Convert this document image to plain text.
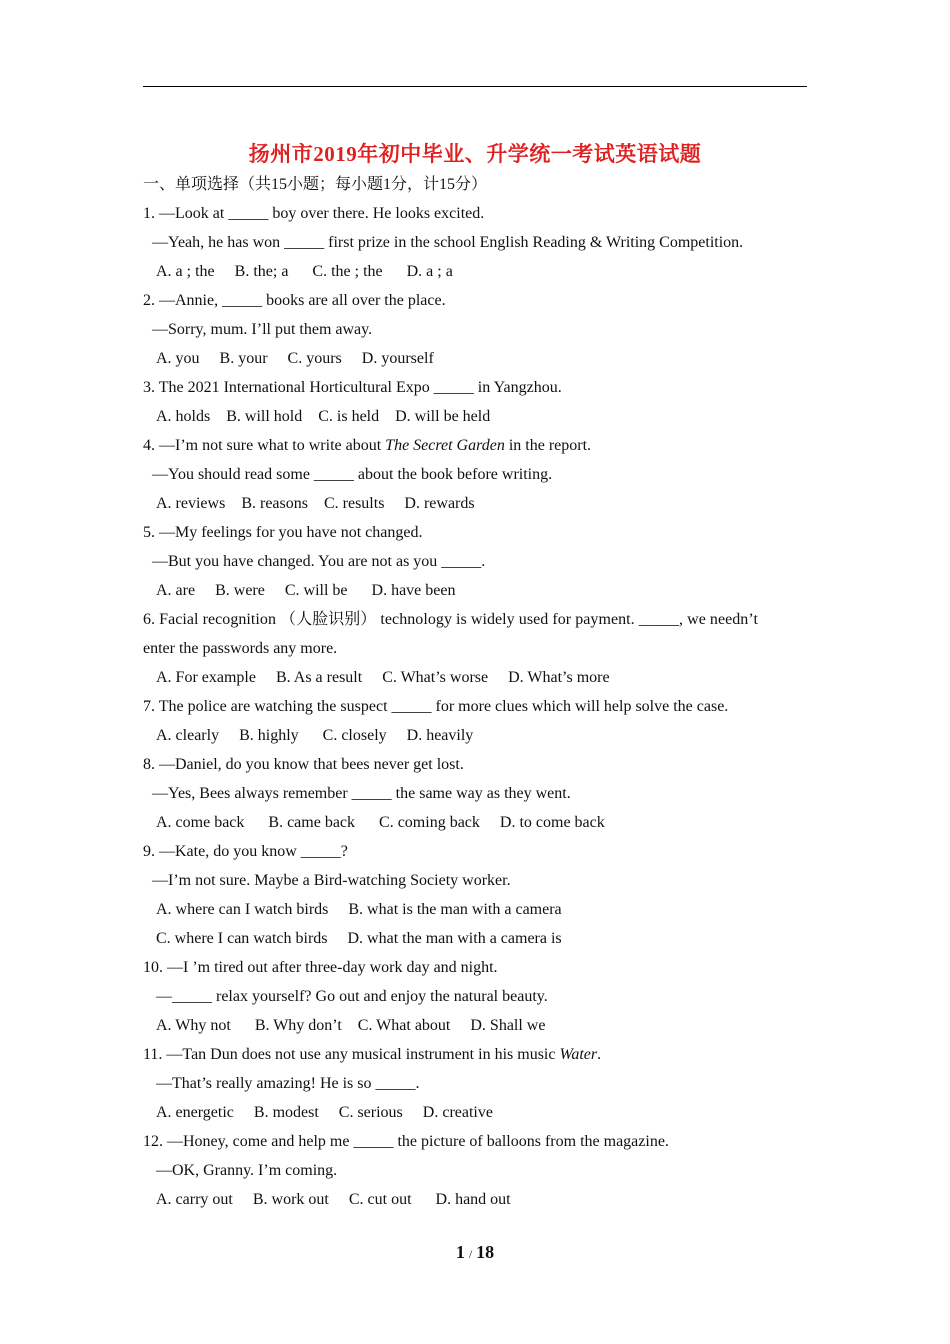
扬州市2019年初中毕业、升学统一考试英语试题
一、单项选择（共15小题；每小题1分，计15分）
1. —Look at _____ boy over there. He looks excited.
—Yeah, he has won _____ first prize in the school English Reading & Writing Competition.
A. a ; the     B. the; a      C. the ; the      D. a ; a
2. —Annie, _____ books are all over the place.
—Sorry, mum. I’ll put them away.
A. you     B. your     C. yours     D. yourself
3. The 2021 International Horticultural Expo _____ in Yangzhou.
A. holds    B. will hold    C. is held    D. will be held
4. —I’m not sure what to write about The Secret Garden in the report.
—You should read some _____ about the book before writing.
A. reviews    B. reasons    C. results     D. rewards
5. —My feelings for you have not changed.
—But you have changed. You are not as you _____.
A. are     B. were     C. will be      D. have been
6. Facial recognition （人脸识别） technology is widely used for payment. _____, we needn’t
enter the passwords any more.
A. For example     B. As a result     C. What’s worse     D. What’s more
7. The police are watching the suspect _____ for more clues which will help solve the case.
A. clearly     B. highly      C. closely     D. heavily
8. —Daniel, do you know that bees never get lost.
—Yes, Bees always remember _____ the same way as they went.
A. come back      B. came back      C. coming back     D. to come back
9. —Kate, do you know _____?
—I’m not sure. Maybe a Bird-watching Society worker.
A. where can I watch birds     B. what is the man with a camera
C. where I can watch birds     D. what the man with a camera is
10. —I ’m tired out after three-day work day and night.
—_____ relax yourself? Go out and enjoy the natural beauty.
A. Why not      B. Why don’t    C. What about     D. Shall we
11. —Tan Dun does not use any musical instrument in his music Water.
—That’s really amazing! He is so _____.
A. energetic     B. modest     C. serious     D. creative
12. —Honey, come and help me _____ the picture of balloons from the magazine.
—OK, Granny. I’m coming.
A. carry out     B. work out     C. cut out      D. hand out
1 / 18
